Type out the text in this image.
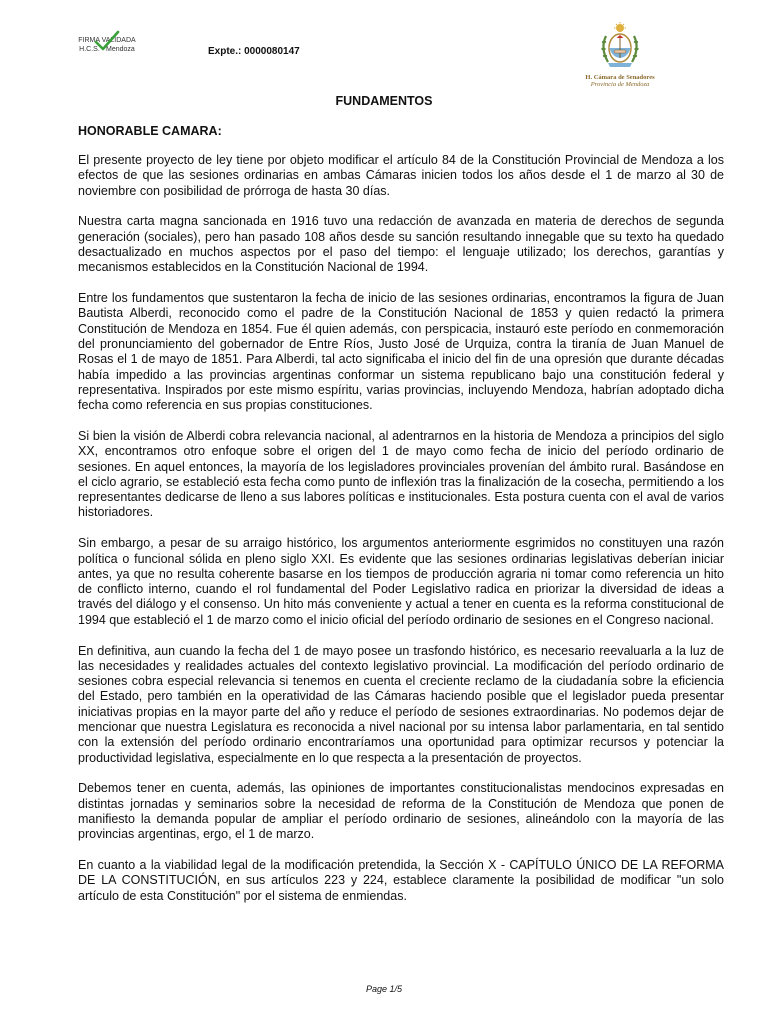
FIRMA VALIDADA
H.C.S. - Mendoza	Expte.: 0000080147
H. Cámara de Senadores
Provincia de Mendoza
FUNDAMENTOS
HONORABLE CAMARA:

El presente proyecto de ley tiene por objeto modificar el artículo 84 de la Constitución Provincial de Mendoza a los efectos de que las sesiones ordinarias en ambas Cámaras inicien todos los años desde el 1 de marzo al 30 de noviembre con posibilidad de prórroga de hasta 30 días.

Nuestra carta magna sancionada en 1916 tuvo una redacción de avanzada en materia de derechos de segunda generación (sociales), pero han pasado 108 años desde su sanción resultando innegable que su texto ha quedado desactualizado en muchos aspectos por el paso del tiempo: el lenguaje utilizado; los derechos, garantías y mecanismos establecidos en la Constitución Nacional de 1994.

Entre los fundamentos que sustentaron la fecha de inicio de las sesiones ordinarias, encontramos la figura de Juan Bautista Alberdi, reconocido como el padre de la Constitución Nacional de 1853 y quien redactó la primera Constitución de Mendoza en 1854. Fue él quien además, con perspicacia, instauró este período en conmemoración del pronunciamiento del gobernador de Entre Ríos, Justo José de Urquiza, contra la tiranía de Juan Manuel de Rosas el 1 de mayo de 1851. Para Alberdi, tal acto significaba el inicio del fin de una opresión que durante décadas había impedido a las provincias argentinas conformar un sistema republicano bajo una constitución federal y representativa. Inspirados por este mismo espíritu, varias provincias, incluyendo Mendoza, habrían adoptado dicha fecha como referencia en sus propias constituciones.

Si bien la visión de Alberdi cobra relevancia nacional, al adentrarnos en la historia de Mendoza a principios del siglo XX, encontramos otro enfoque sobre el origen del 1 de mayo como fecha de inicio del período ordinario de sesiones. En aquel entonces, la mayoría de los legisladores provinciales provenían del ámbito rural. Basándose en el ciclo agrario, se estableció esta fecha como punto de inflexión tras la finalización de la cosecha, permitiendo a los representantes dedicarse de lleno a sus labores políticas e institucionales. Esta postura cuenta con el aval de varios historiadores.

Sin embargo, a pesar de su arraigo histórico, los argumentos anteriormente esgrimidos no constituyen una razón política o funcional sólida en pleno siglo XXI. Es evidente que las sesiones ordinarias legislativas deberían iniciar antes, ya que no resulta coherente basarse en los tiempos de producción agraria ni tomar como referencia un hito de conflicto interno, cuando el rol fundamental del Poder Legislativo radica en priorizar la diversidad de ideas a través del diálogo y el consenso. Un hito más conveniente y actual a tener en cuenta es la reforma constitucional de 1994 que estableció el 1 de marzo como el inicio oficial del período ordinario de sesiones en el Congreso nacional.

En definitiva, aun cuando la fecha del 1 de mayo posee un trasfondo histórico, es necesario reevaluarla a la luz de las necesidades y realidades actuales del contexto legislativo provincial. La modificación del período ordinario de sesiones cobra especial relevancia si tenemos en cuenta el creciente reclamo de la ciudadanía sobre la eficiencia del Estado, pero también en la operatividad de las Cámaras haciendo posible que el legislador pueda presentar iniciativas propias en la mayor parte del año y reduce el período de sesiones extraordinarias. No podemos dejar de mencionar que nuestra Legislatura es reconocida a nivel nacional por su intensa labor parlamentaria, en tal sentido con la extensión del período ordinario encontraríamos una oportunidad para optimizar recursos y potenciar la productividad legislativa, especialmente en lo que respecta a la presentación de proyectos.

Debemos tener en cuenta, además, las opiniones de importantes constitucionalistas mendocinos expresadas en distintas jornadas y seminarios sobre la necesidad de reforma de la Constitución de Mendoza que ponen de manifiesto la demanda popular de ampliar el período ordinario de sesiones, alineándolo con la mayoría de las provincias argentinas, ergo, el 1 de marzo.

En cuanto a la viabilidad legal de la modificación pretendida, la Sección X - CAPÍTULO ÚNICO DE LA REFORMA DE LA CONSTITUCIÓN, en sus artículos 223 y 224, establece claramente la posibilidad de modificar "un solo artículo de esta Constitución" por el sistema de enmiendas.

Page 1/5
